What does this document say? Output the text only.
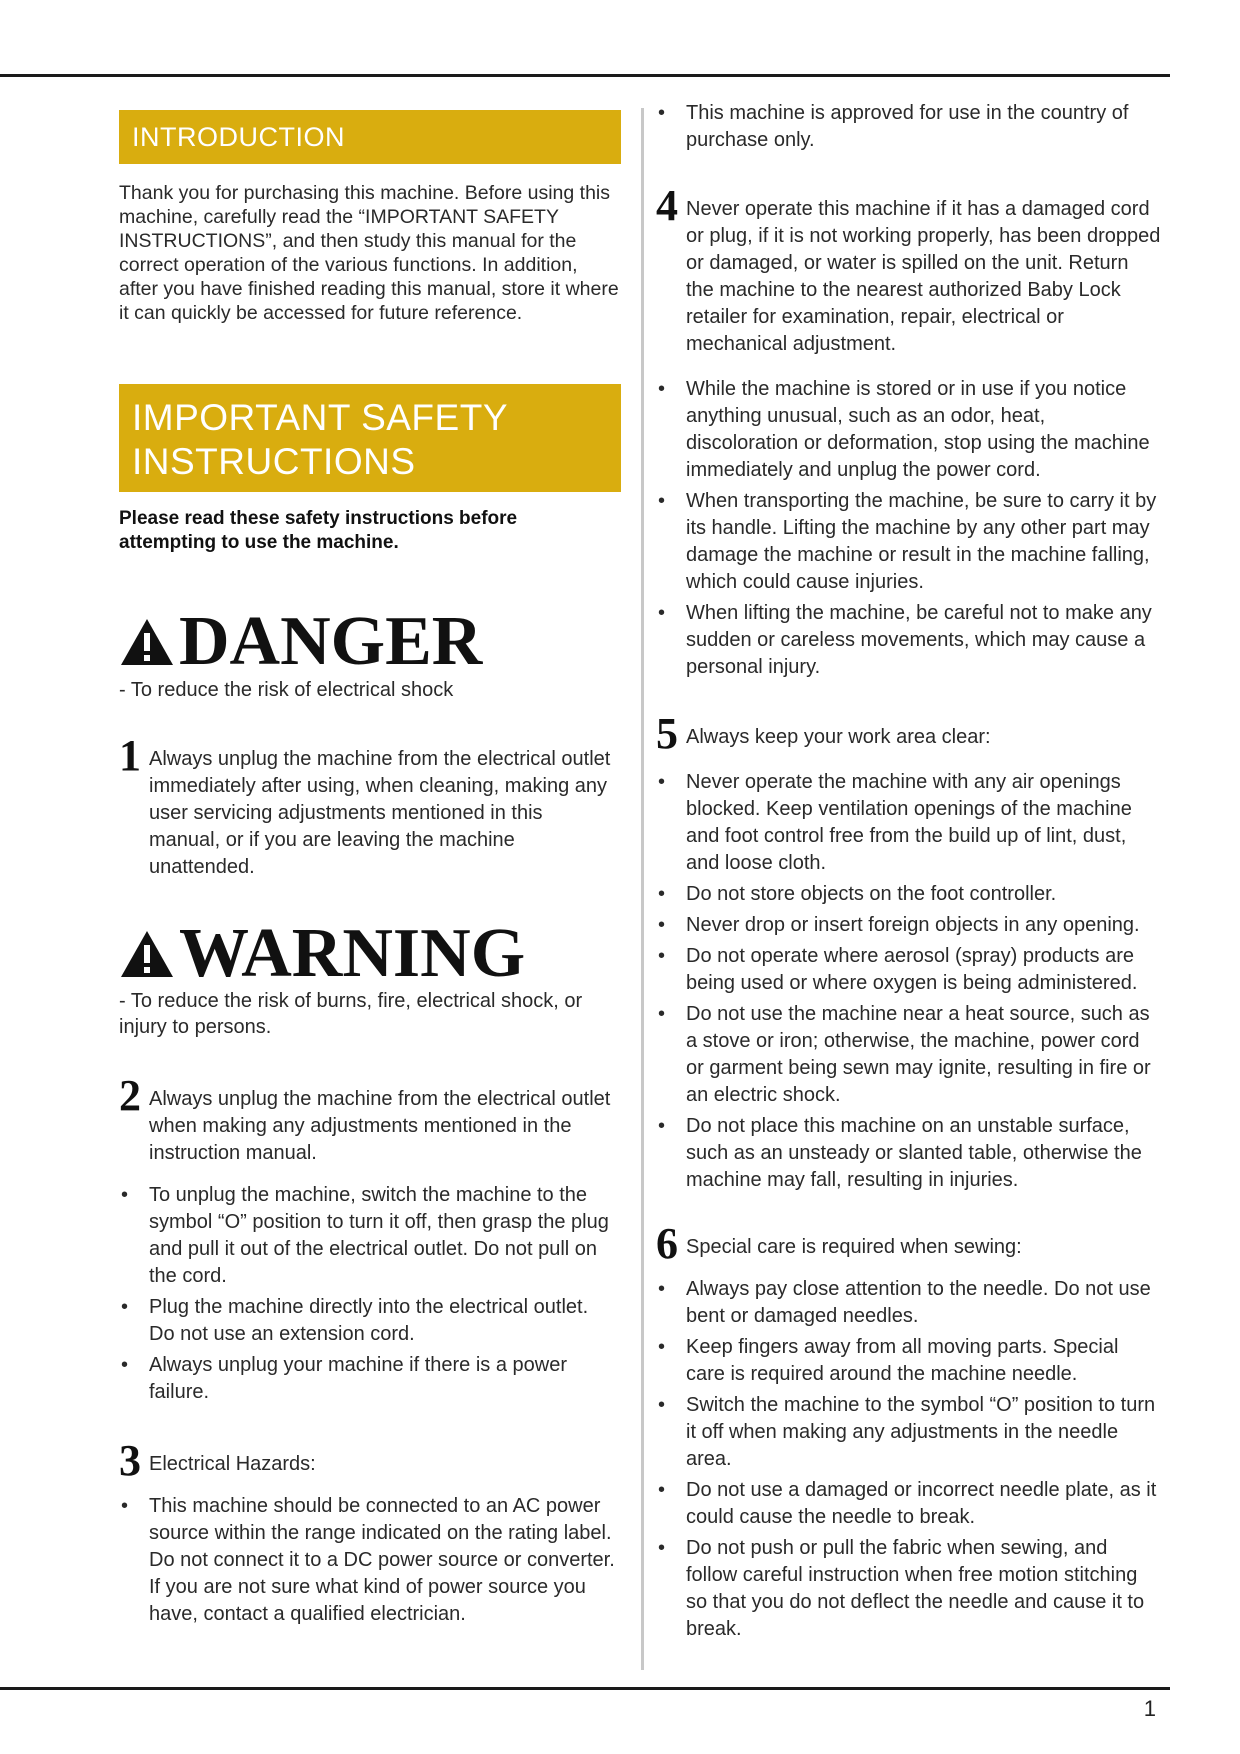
INTRODUCTION
Thank you for purchasing this machine. Before using this machine, carefully read the “IMPORTANT SAFETY INSTRUCTIONS”, and then study this manual for the correct operation of the various functions. In addition, after you have finished reading this manual, store it where it can quickly be accessed for future reference.
IMPORTANT SAFETY
INSTRUCTIONS
Please read these safety instructions before attempting to use the machine.
DANGER
- To reduce the risk of electrical shock
1 Always unplug the machine from the electrical outlet immediately after using, when cleaning, making any user servicing adjustments mentioned in this manual, or if you are leaving the machine unattended.
WARNING
- To reduce the risk of burns, fire, electrical shock, or injury to persons.
2 Always unplug the machine from the electrical outlet when making any adjustments mentioned in the instruction manual.
• To unplug the machine, switch the machine to the symbol “O” position to turn it off, then grasp the plug and pull it out of the electrical outlet. Do not pull on the cord.
• Plug the machine directly into the electrical outlet. Do not use an extension cord.
• Always unplug your machine if there is a power failure.
3 Electrical Hazards:
• This machine should be connected to an AC power source within the range indicated on the rating label. Do not connect it to a DC power source or converter. If you are not sure what kind of power source you have, contact a qualified electrician.
• This machine is approved for use in the country of purchase only.
4 Never operate this machine if it has a damaged cord or plug, if it is not working properly, has been dropped or damaged, or water is spilled on the unit. Return the machine to the nearest authorized Baby Lock retailer for examination, repair, electrical or mechanical adjustment.
• While the machine is stored or in use if you notice anything unusual, such as an odor, heat, discoloration or deformation, stop using the machine immediately and unplug the power cord.
• When transporting the machine, be sure to carry it by its handle. Lifting the machine by any other part may damage the machine or result in the machine falling, which could cause injuries.
• When lifting the machine, be careful not to make any sudden or careless movements, which may cause a personal injury.
5 Always keep your work area clear:
• Never operate the machine with any air openings blocked. Keep ventilation openings of the machine and foot control free from the build up of lint, dust, and loose cloth.
• Do not store objects on the foot controller.
• Never drop or insert foreign objects in any opening.
• Do not operate where aerosol (spray) products are being used or where oxygen is being administered.
• Do not use the machine near a heat source, such as a stove or iron; otherwise, the machine, power cord or garment being sewn may ignite, resulting in fire or an electric shock.
• Do not place this machine on an unstable surface, such as an unsteady or slanted table, otherwise the machine may fall, resulting in injuries.
6 Special care is required when sewing:
• Always pay close attention to the needle. Do not use bent or damaged needles.
• Keep fingers away from all moving parts. Special care is required around the machine needle.
• Switch the machine to the symbol “O” position to turn it off when making any adjustments in the needle area.
• Do not use a damaged or incorrect needle plate, as it could cause the needle to break.
• Do not push or pull the fabric when sewing, and follow careful instruction when free motion stitching so that you do not deflect the needle and cause it to break.
1
